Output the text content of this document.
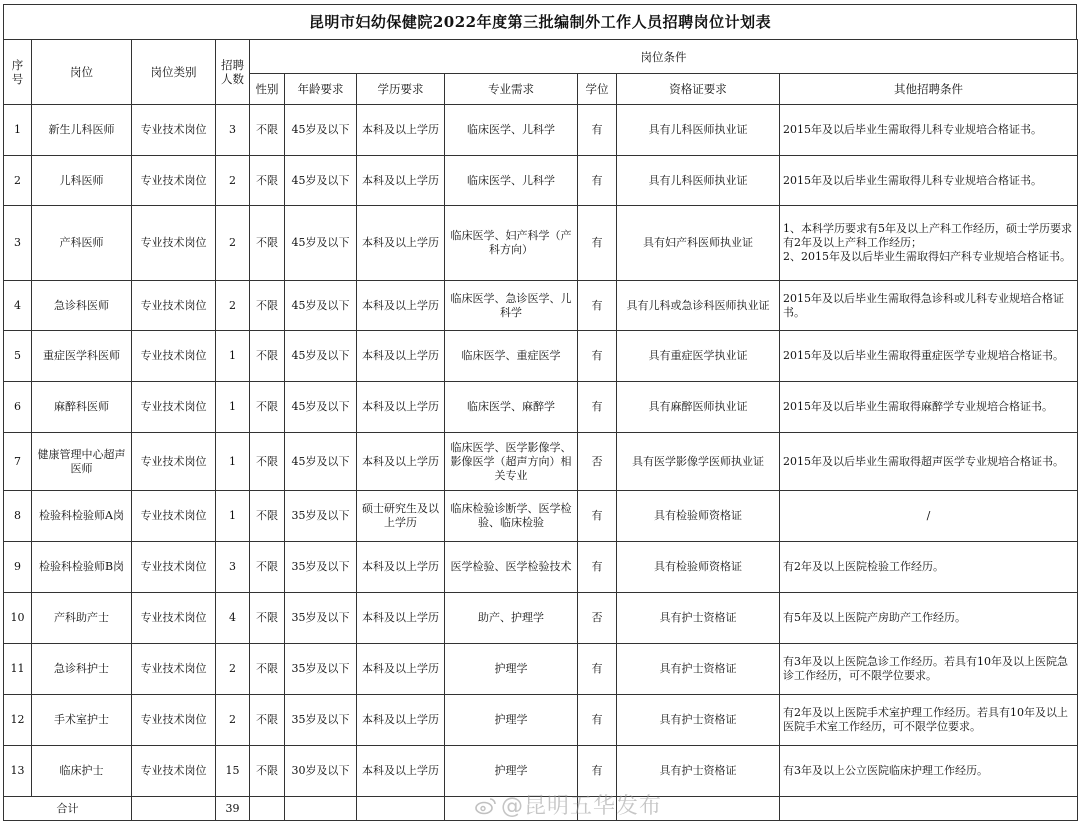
昆明市妇幼保健院2022年度第三批编制外工作人员招聘岗位计划表
序号	岗位	岗位类别	招聘人数	岗位条件						
				性别	年龄要求	学历要求	专业需求	学位	资格证要求	其他招聘条件
1	新生儿科医师	专业技术岗位	3	不限	45岁及以下	本科及以上学历	临床医学、儿科学	有	具有儿科医师执业证	2015年及以后毕业生需取得儿科专业规培合格证书。
2	儿科医师	专业技术岗位	2	不限	45岁及以下	本科及以上学历	临床医学、儿科学	有	具有儿科医师执业证	2015年及以后毕业生需取得儿科专业规培合格证书。
3	产科医师	专业技术岗位	2	不限	45岁及以下	本科及以上学历	临床医学、妇产科学（产科方向）	有	具有妇产科医师执业证	1、本科学历要求有5年及以上产科工作经历，硕士学历要求有2年及以上产科工作经历；
2、2015年及以后毕业生需取得妇产科专业规培合格证书。
4	急诊科医师	专业技术岗位	2	不限	45岁及以下	本科及以上学历	临床医学、急诊医学、儿科学	有	具有儿科或急诊科医师执业证	2015年及以后毕业生需取得急诊科或儿科专业规培合格证书。
5	重症医学科医师	专业技术岗位	1	不限	45岁及以下	本科及以上学历	临床医学、重症医学	有	具有重症医学执业证	2015年及以后毕业生需取得重症医学专业规培合格证书。
6	麻醉科医师	专业技术岗位	1	不限	45岁及以下	本科及以上学历	临床医学、麻醉学	有	具有麻醉医师执业证	2015年及以后毕业生需取得麻醉学专业规培合格证书。
7	健康管理中心超声医师	专业技术岗位	1	不限	45岁及以下	本科及以上学历	临床医学、医学影像学、影像医学（超声方向）相关专业	否	具有医学影像学医师执业证	2015年及以后毕业生需取得超声医学专业规培合格证书。
8	检验科检验师A岗	专业技术岗位	1	不限	35岁及以下	硕士研究生及以上学历	临床检验诊断学、医学检验、临床检验	有	具有检验师资格证	/
9	检验科检验师B岗	专业技术岗位	3	不限	35岁及以下	本科及以上学历	医学检验、医学检验技术	有	具有检验师资格证	有2年及以上医院检验工作经历。
10	产科助产士	专业技术岗位	4	不限	35岁及以下	本科及以上学历	助产、护理学	否	具有护士资格证	有5年及以上医院产房助产工作经历。
11	急诊科护士	专业技术岗位	2	不限	35岁及以下	本科及以上学历	护理学	有	具有护士资格证	有3年及以上医院急诊工作经历。若具有10年及以上医院急诊工作经历，可不限学位要求。
12	手术室护士	专业技术岗位	2	不限	35岁及以下	本科及以上学历	护理学	有	具有护士资格证	有2年及以上医院手术室护理工作经历。若具有10年及以上医院手术室工作经历，可不限学位要求。
13	临床护士	专业技术岗位	15	不限	30岁及以下	本科及以上学历	护理学	有	具有护士资格证	有3年及以上公立医院临床护理工作经历。
合计			39								@昆明五华发布
